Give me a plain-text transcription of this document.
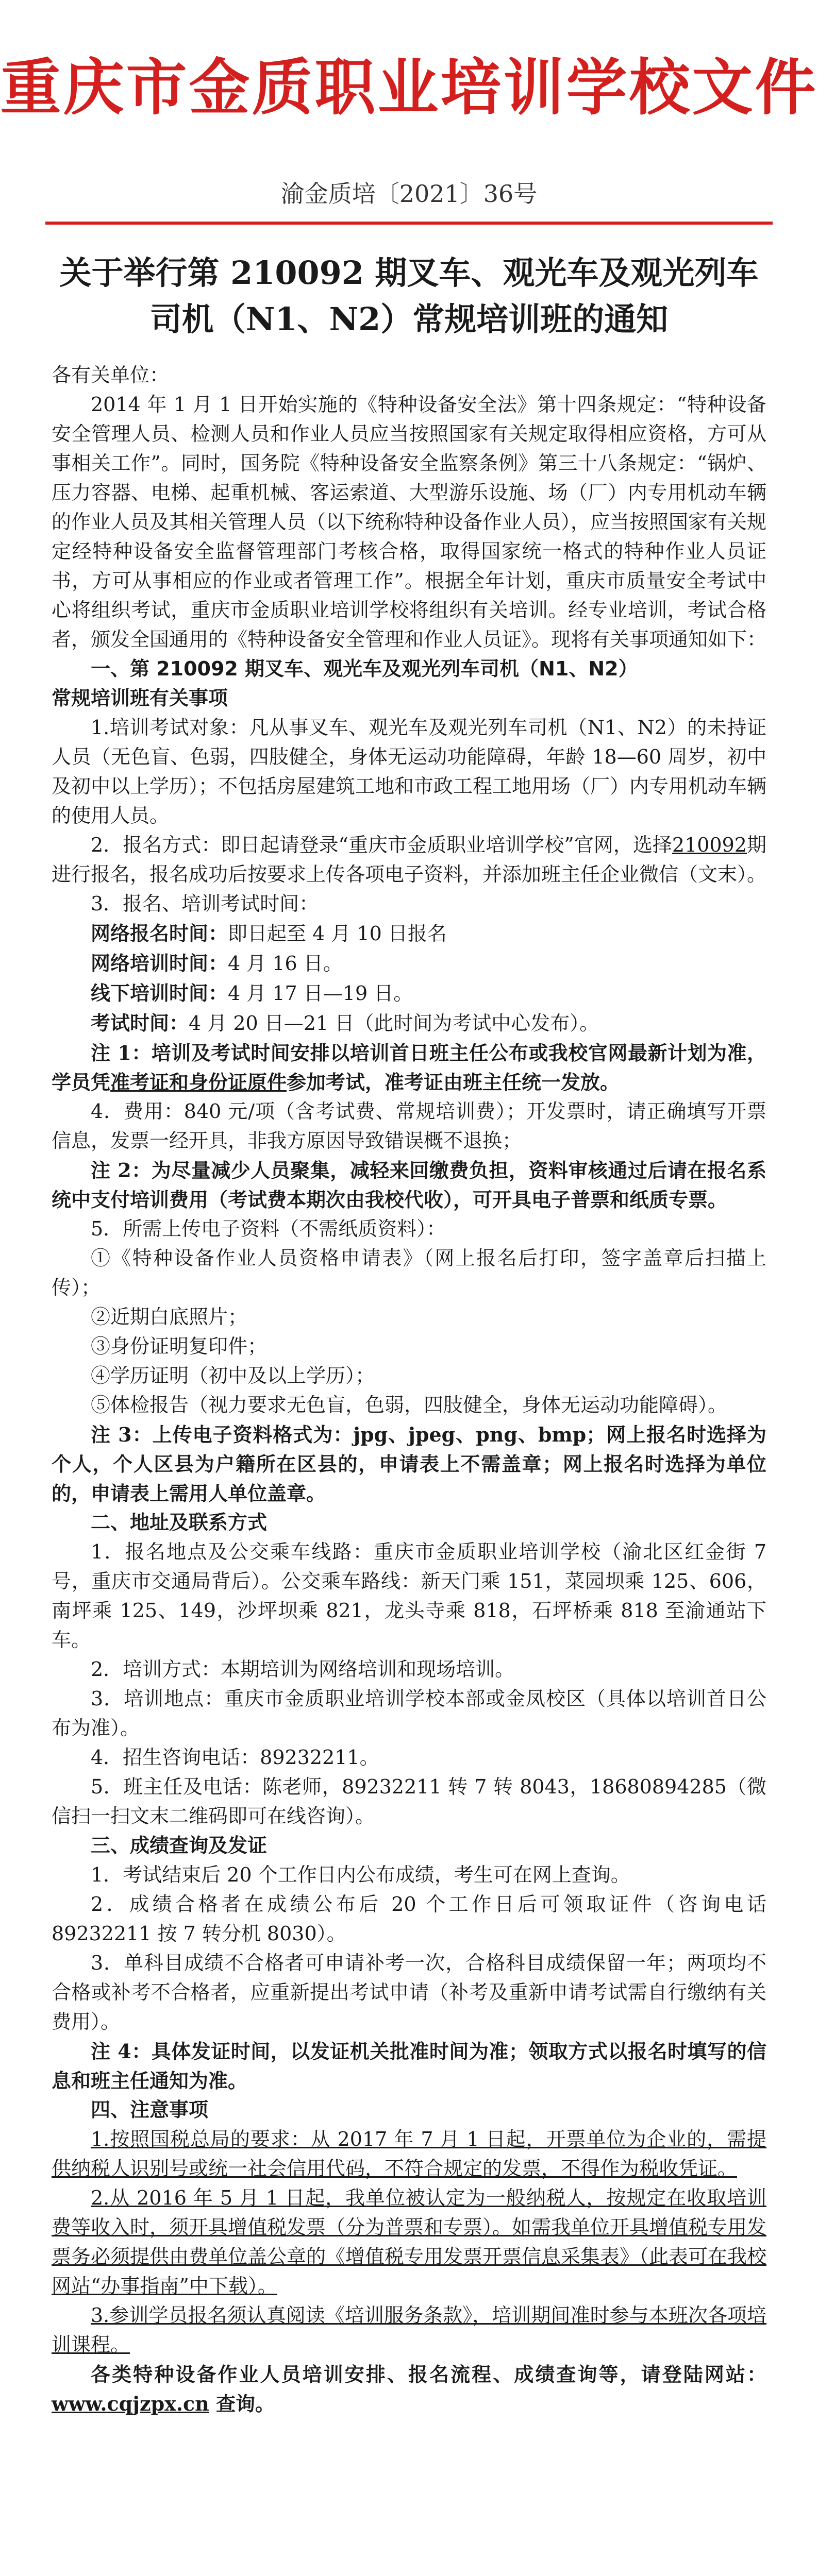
重庆市金质职业培训学校文件
渝金质培〔2021〕36号
关于举行第 210092 期叉车、观光车及观光列车
司机（N1、N2）常规培训班的通知

各有关单位：

2014 年 1 月 1 日开始实施的《特种设备安全法》第十四条规定：“特种设备安全管理人员、检测人员和作业人员应当按照国家有关规定取得相应资格，方可从事相关工作”。同时，国务院《特种设备安全监察条例》第三十八条规定：“锅炉、压力容器、电梯、起重机械、客运索道、大型游乐设施、场（厂）内专用机动车辆的作业人员及其相关管理人员（以下统称特种设备作业人员），应当按照国家有关规定经特种设备安全监督管理部门考核合格，取得国家统一格式的特种作业人员证书，方可从事相应的作业或者管理工作”。根据全年计划，重庆市质量安全考试中心将组织考试，重庆市金质职业培训学校将组织有关培训。经专业培训，考试合格者，颁发全国通用的《特种设备安全管理和作业人员证》。现将有关事项通知如下：

一、第 210092 期叉车、观光车及观光列车司机（N1、N2）

常规培训班有关事项

1.培训考试对象：凡从事叉车、观光车及观光列车司机（N1、N2）的未持证人员（无色盲、色弱，四肢健全，身体无运动功能障碍，年龄 18—60 周岁，初中及初中以上学历）；不包括房屋建筑工地和市政工程工地用场（厂）内专用机动车辆的使用人员。

2．报名方式：即日起请登录“重庆市金质职业培训学校”官网，选择210092期进行报名，报名成功后按要求上传各项电子资料，并添加班主任企业微信（文末）。

3．报名、培训考试时间：

网络报名时间：即日起至 4 月 10 日报名

网络培训时间：4 月 16 日。

线下培训时间：4 月 17 日—19 日。

考试时间：4 月 20 日—21 日（此时间为考试中心发布）。

注 1：培训及考试时间安排以培训首日班主任公布或我校官网最新计划为准，学员凭准考证和身份证原件参加考试，准考证由班主任统一发放。

4．费用：840 元/项（含考试费、常规培训费）；开发票时，请正确填写开票信息，发票一经开具，非我方原因导致错误概不退换；

注 2：为尽量减少人员聚集，减轻来回缴费负担，资料审核通过后请在报名系统中支付培训费用（考试费本期次由我校代收），可开具电子普票和纸质专票。

5．所需上传电子资料（不需纸质资料）：

①《特种设备作业人员资格申请表》（网上报名后打印，签字盖章后扫描上传）；

②近期白底照片；

③身份证明复印件；

④学历证明（初中及以上学历）；

⑤体检报告（视力要求无色盲，色弱，四肢健全，身体无运动功能障碍）。

注 3：上传电子资料格式为：jpg、jpeg、png、bmp；网上报名时选择为个人，个人区县为户籍所在区县的，申请表上不需盖章；网上报名时选择为单位的，申请表上需用人单位盖章。

二、地址及联系方式

1．报名地点及公交乘车线路：重庆市金质职业培训学校（渝北区红金街 7 号，重庆市交通局背后）。公交乘车路线：新天门乘 151，菜园坝乘 125、606，南坪乘 125、149，沙坪坝乘 821，龙头寺乘 818，石坪桥乘 818 至渝通站下车。

2．培训方式：本期培训为网络培训和现场培训。

3．培训地点：重庆市金质职业培训学校本部或金凤校区（具体以培训首日公布为准）。

4．招生咨询电话：89232211。

5．班主任及电话：陈老师，89232211 转 7 转 8043，18680894285（微信扫一扫文末二维码即可在线咨询）。

三、成绩查询及发证

1．考试结束后 20 个工作日内公布成绩，考生可在网上查询。

2．成绩合格者在成绩公布后 20 个工作日后可领取证件（咨询电话 89232211 按 7 转分机 8030）。

3．单科目成绩不合格者可申请补考一次，合格科目成绩保留一年；两项均不合格或补考不合格者，应重新提出考试申请（补考及重新申请考试需自行缴纳有关费用）。

注 4：具体发证时间，以发证机关批准时间为准；领取方式以报名时填写的信息和班主任通知为准。

四、注意事项

1.按照国税总局的要求：从 2017 年 7 月 1 日起，开票单位为企业的，需提供纳税人识别号或统一社会信用代码，不符合规定的发票，不得作为税收凭证。

2.从 2016 年 5 月 1 日起，我单位被认定为一般纳税人，按规定在收取培训费等收入时，须开具增值税发票（分为普票和专票）。如需我单位开具增值税专用发票务必须提供由费单位盖公章的《增值税专用发票开票信息采集表》（此表可在我校网站“办事指南”中下载）。

3.参训学员报名须认真阅读《培训服务条款》，培训期间准时参与本班次各项培训课程。

各类特种设备作业人员培训安排、报名流程、成绩查询等，请登陆网站：www.cqjzpx.cn 查询。
